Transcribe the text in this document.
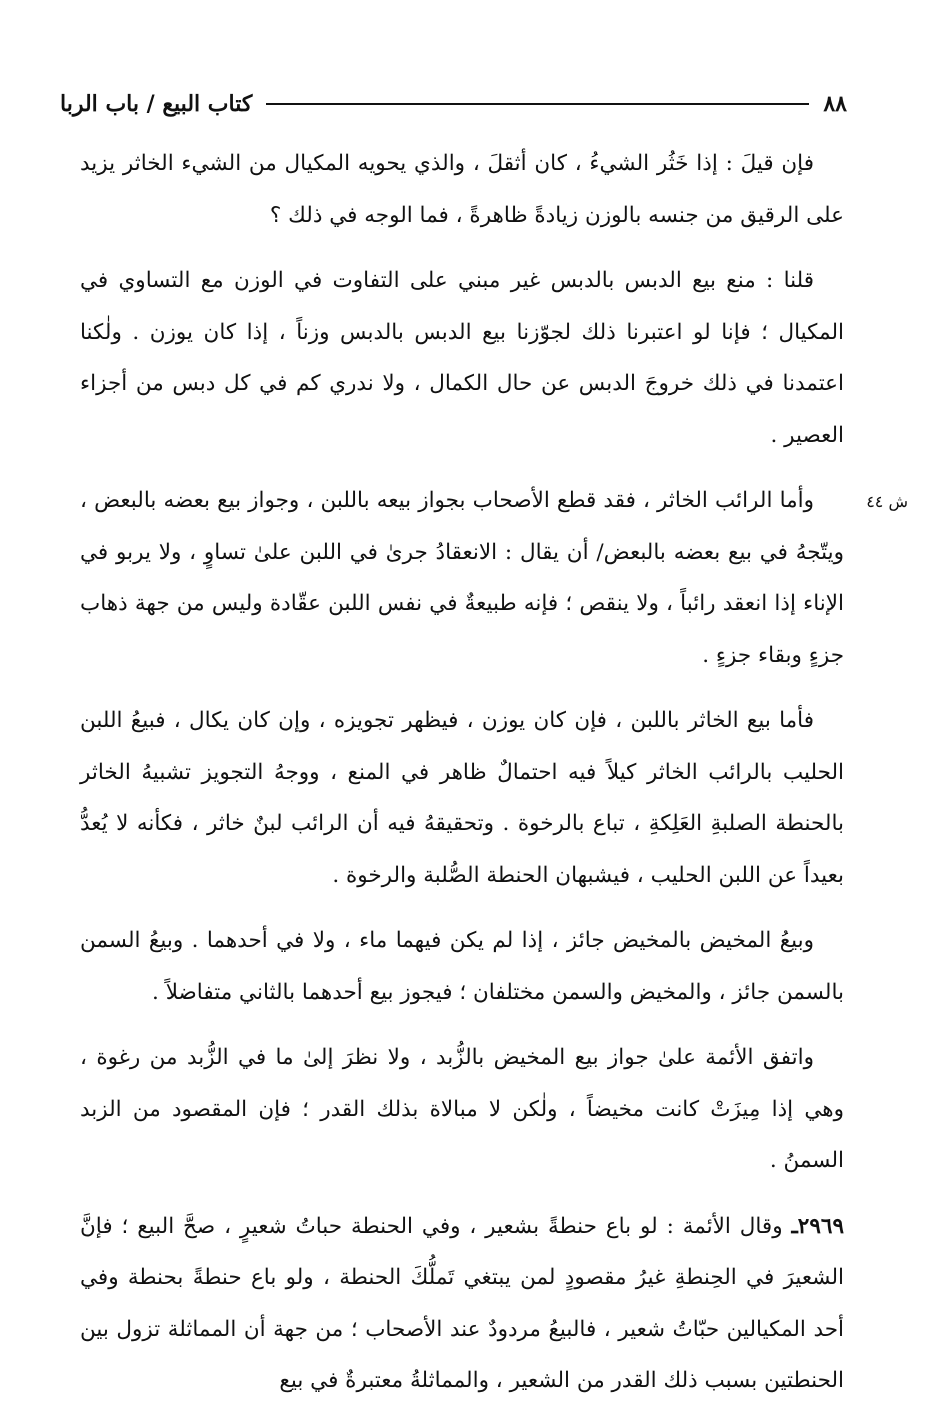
٨٨
كتاب البيع / باب الربا
ش ٤٤

فإن قيلَ : إذا خَثُر الشيءُ ، كان أثقلَ ، والذي يحويه المكيال من الشيء الخاثر يزيد على الرقيق من جنسه بالوزن زيادةً ظاهرةً ، فما الوجه في ذلك ؟

قلنا : منع بيع الدبس بالدبس غير مبني على التفاوت في الوزن مع التساوي في المكيال ؛ فإنا لو اعتبرنا ذلك لجوّزنا بيع الدبس بالدبس وزناً ، إذا كان يوزن . ولٰكنا اعتمدنا في ذلك خروجَ الدبس عن حال الكمال ، ولا ندري كم في كل دبس من أجزاء العصير .

وأما الرائب الخاثر ، فقد قطع الأصحاب بجواز بيعه باللبن ، وجواز بيع بعضه بالبعض ، ويتّجهُ في بيع بعضه بالبعض/ أن يقال : الانعقادُ جرىٰ في اللبن علىٰ تساوٍ ، ولا يربو في الإناء إذا انعقد رائباً ، ولا ينقص ؛ فإنه طبيعةٌ في نفس اللبن عقّادة وليس من جهة ذهاب جزءٍ وبقاء جزءٍ .

فأما بيع الخاثر باللبن ، فإن كان يوزن ، فيظهر تجويزه ، وإن كان يكال ، فبيعُ اللبن الحليب بالرائب الخاثر كيلاً فيه احتمالٌ ظاهر في المنع ، ووجهُ التجويز تشبيهُ الخاثر بالحنطة الصلبةِ العَلِكةِ ، تباع بالرخوة . وتحقيقهُ فيه أن الرائب لبنٌ خاثر ، فكأنه لا يُعدُّ بعيداً عن اللبن الحليب ، فيشبهان الحنطة الصُّلبة والرخوة .

وبيعُ المخيض بالمخيض جائز ، إذا لم يكن فيهما ماء ، ولا في أحدهما . وبيعُ السمن بالسمن جائز ، والمخيض والسمن مختلفان ؛ فيجوز بيع أحدهما بالثاني متفاضلاً .

واتفق الأئمة علىٰ جواز بيع المخيض بالزُّبد ، ولا نظرَ إلىٰ ما في الزُّبد من رغوة ، وهي إذا مِيزَتْ كانت مخيضاً ، ولٰكن لا مبالاة بذلك القدر ؛ فإن المقصود من الزبد السمنُ .

٢٩٦٩ـ وقال الأئمة : لو باع حنطةً بشعير ، وفي الحنطة حباتُ شعيرٍ ، صحَّ البيع ؛ فإنَّ الشعيرَ في الحِنطةِ غيرُ مقصودٍ لمن يبتغي تَملُّكَ الحنطة ، ولو باع حنطةً بحنطة وفي أحد المكيالين حبّاتُ شعير ، فالبيعُ مردودٌ عند الأصحاب ؛ من جهة أن المماثلة تزول بين الحنطتين بسبب ذلك القدر من الشعير ، والمماثلةُ معتبرةٌ في بيع
